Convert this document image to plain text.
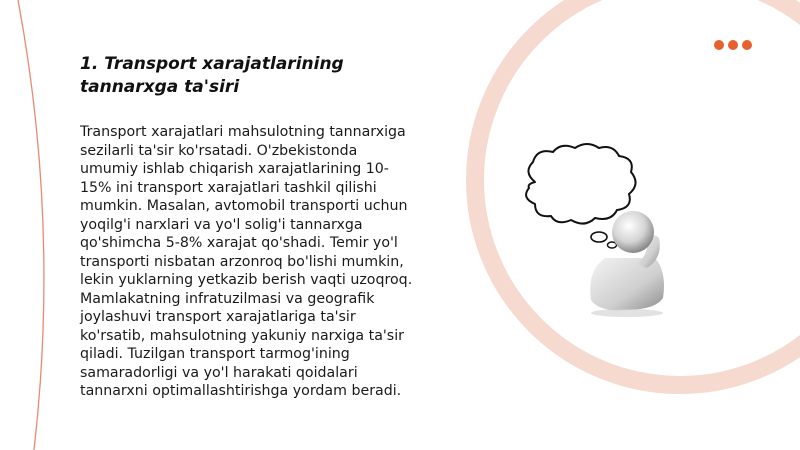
1. Transport xarajatlarining tannarxga ta'siri

Transport xarajatlari mahsulotning tannarxiga sezilarli ta'sir ko'rsatadi. O'zbekistonda umumiy ishlab chiqarish xarajatlarining 10-15% ini transport xarajatlari tashkil qilishi mumkin. Masalan, avtomobil transporti uchun yoqilg'i narxlari va yo'l solig'i tannarxga qo'shimcha 5-8% xarajat qo'shadi. Temir yo'l transporti nisbatan arzonroq bo'lishi mumkin, lekin yuklarning yetkazib berish vaqti uzoqroq. Mamlakatning infratuzilmasi va geografik joylashuvi transport xarajatlariga ta'sir ko'rsatib, mahsulotning yakuniy narxiga ta'sir qiladi. Tuzilgan transport tarmog'ining samaradorligi va yo'l harakati qoidalari tannarxni optimallashtirishga yordam beradi.
